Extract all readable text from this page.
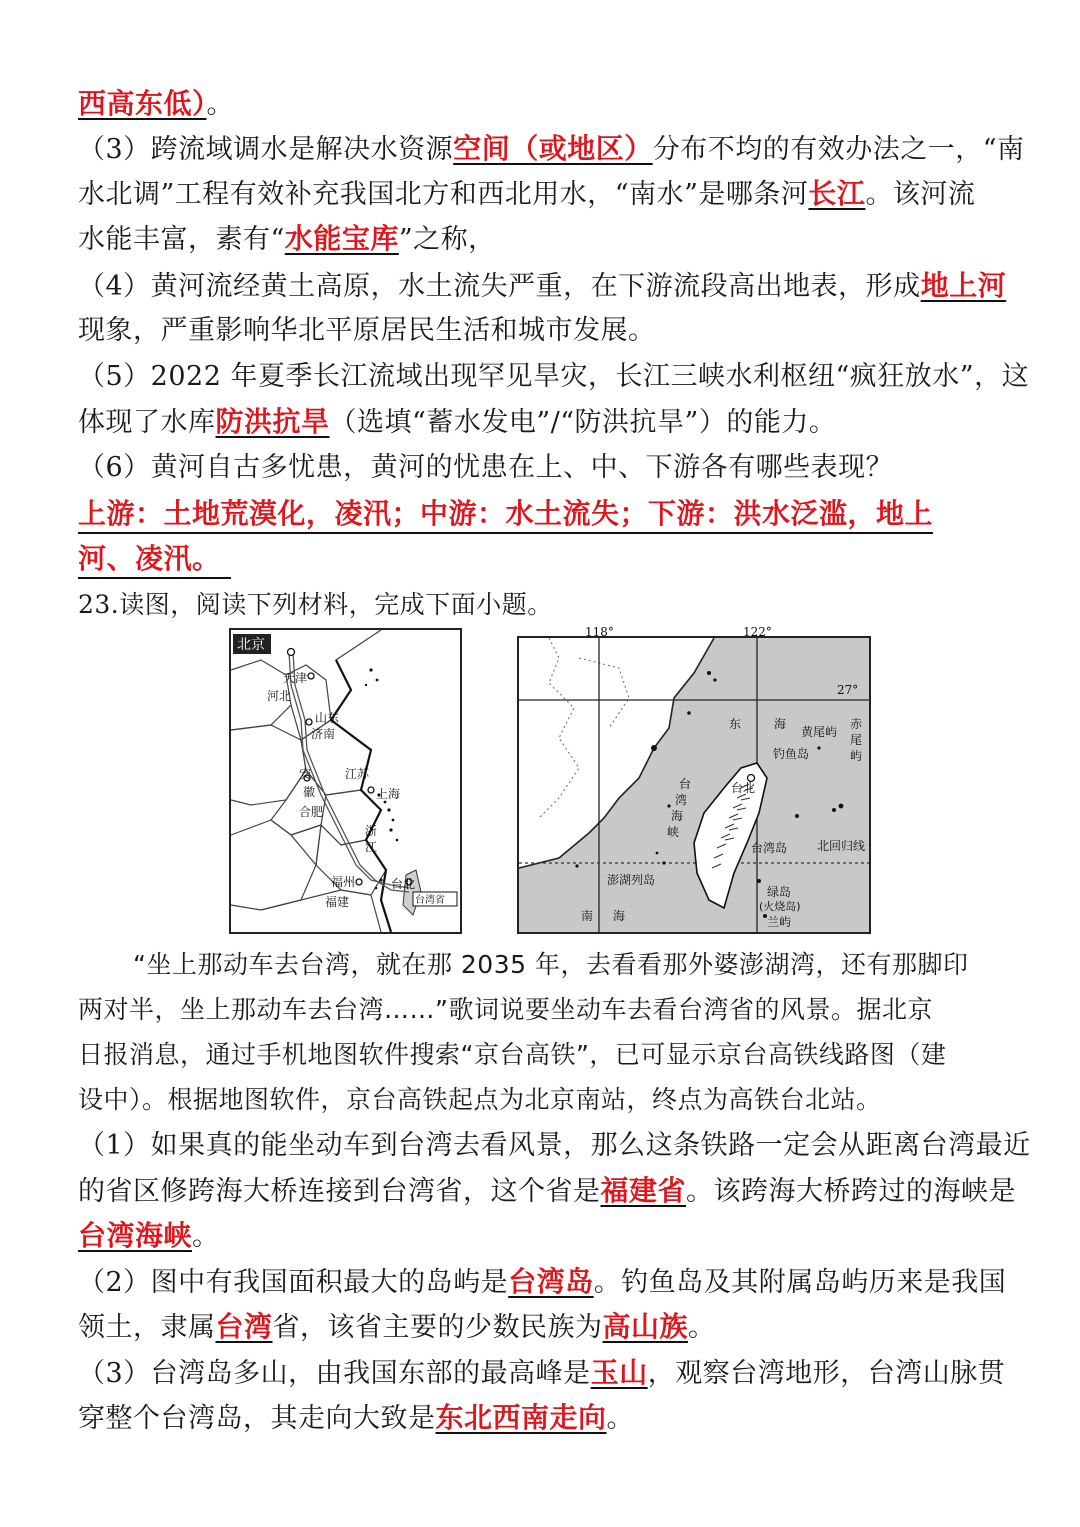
西高东低）。
（3）跨流域调水是解决水资源空间（或地区）分布不均的有效办法之一，“南
水北调”工程有效补充我国北方和西北用水，“南水”是哪条河长江。该河流
水能丰富，素有“水能宝库”之称，
（4）黄河流经黄土高原，水土流失严重，在下游流段高出地表，形成地上河
现象，严重影响华北平原居民生活和城市发展。
（5）2022 年夏季长江流域出现罕见旱灾，长江三峡水利枢纽“疯狂放水”，这
体现了水库防洪抗旱（选填“蓄水发电”/“防洪抗旱”）的能力。
（6）黄河自古多忧患，黄河的忧患在上、中、下游各有哪些表现？
上游：土地荒漠化，凌汛；中游：水土流失；下游：洪水泛滥，地上
河、凌汛。
23.读图，阅读下列材料，完成下面小题。
北京
天津
河北
山东
济南
江苏
安
徽	上海
合肥
浙
江
福州
福建
台北
台湾省
118°	122°
27°
东	海
黄尾屿
赤
尾
屿
钓鱼岛
台
湾
海
峡
台北
台湾岛 北回归线
澎湖列岛
南 海
绿岛
(火烧岛)
兰屿
“坐上那动车去台湾，就在那 2035 年，去看看那外婆澎湖湾，还有那脚印
两对半，坐上那动车去台湾……”歌词说要坐动车去看台湾省的风景。据北京
日报消息，通过手机地图软件搜索“京台高铁”，已可显示京台高铁线路图（建
设中）。根据地图软件，京台高铁起点为北京南站，终点为高铁台北站。
（1）如果真的能坐动车到台湾去看风景，那么这条铁路一定会从距离台湾最近
的省区修跨海大桥连接到台湾省，这个省是福建省。该跨海大桥跨过的海峡是
台湾海峡。
（2）图中有我国面积最大的岛屿是台湾岛。钓鱼岛及其附属岛屿历来是我国
领土，隶属台湾省，该省主要的少数民族为高山族。
（3）台湾岛多山，由我国东部的最高峰是玉山，观察台湾地形，台湾山脉贯
穿整个台湾岛，其走向大致是东北西南走向。
